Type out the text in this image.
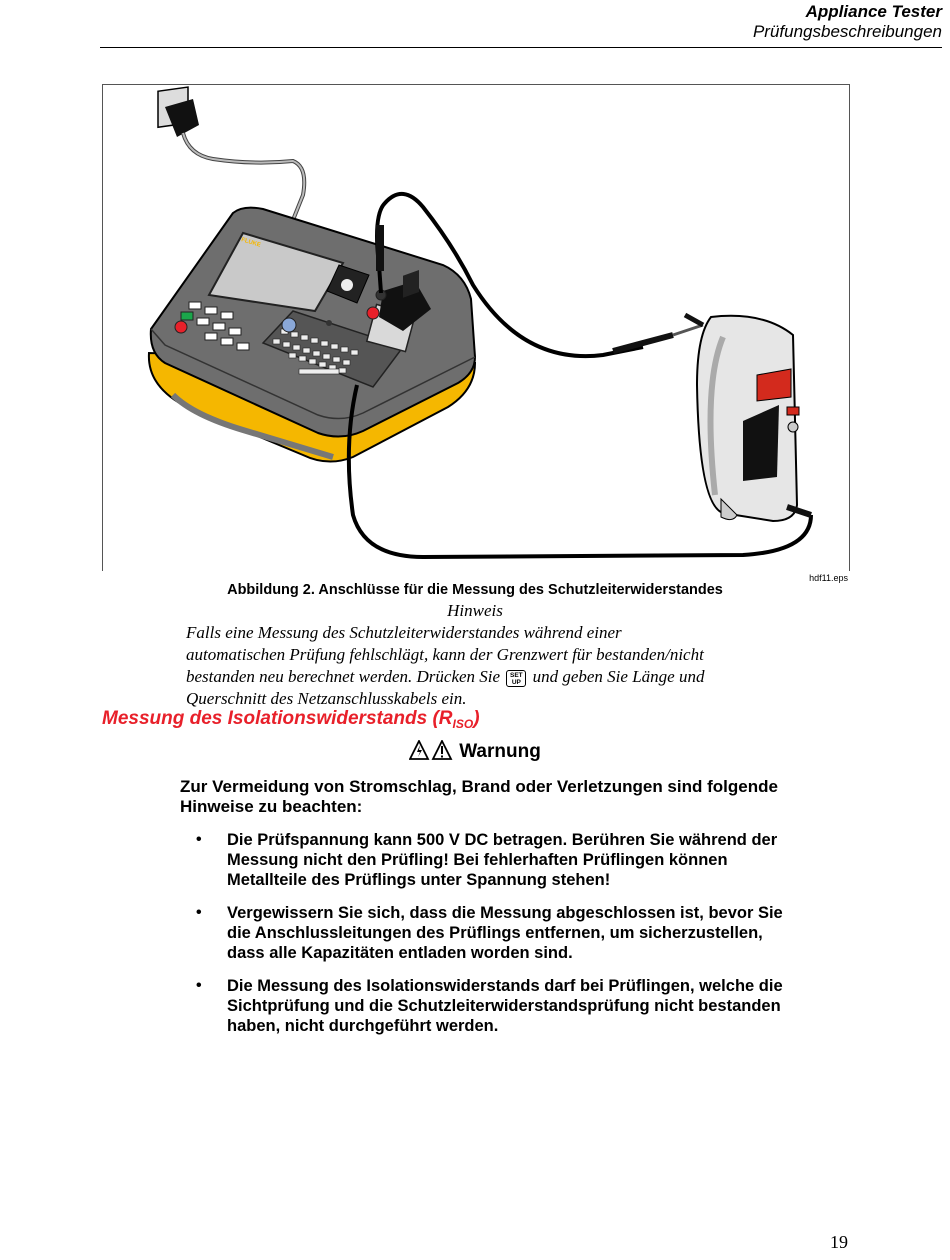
Appliance Tester
Prüfungsbeschreibungen
FLUKE
hdf11.eps
Abbildung 2. Anschlüsse für die Messung des Schutzleiterwiderstandes
Hinweis
Falls eine Messung des Schutzleiterwiderstandes während einer
automatischen Prüfung fehlschlägt, kann der Grenzwert für bestanden/nicht
bestanden neu berechnet werden. Drücken Sie SET
UP und geben Sie Länge und
Querschnitt des Netzanschlusskabels ein.
Messung des Isolationswiderstands $(R_{ISO})$
Warnung
Zur Vermeidung von Stromschlag, Brand oder Verletzungen sind folgende Hinweise zu beachten:
• Die Prüfspannung kann 500 V DC betragen. Berühren Sie während der Messung nicht den Prüfling! Bei fehlerhaften Prüflingen können Metallteile des Prüflings unter Spannung stehen!
• Vergewissern Sie sich, dass die Messung abgeschlossen ist, bevor Sie die Anschlussleitungen des Prüflings entfernen, um sicherzustellen, dass alle Kapazitäten entladen worden sind.
• Die Messung des Isolationswiderstands darf bei Prüflingen, welche die Sichtprüfung und die Schutzleiterwiderstandsprüfung nicht bestanden haben, nicht durchgeführt werden.
19
